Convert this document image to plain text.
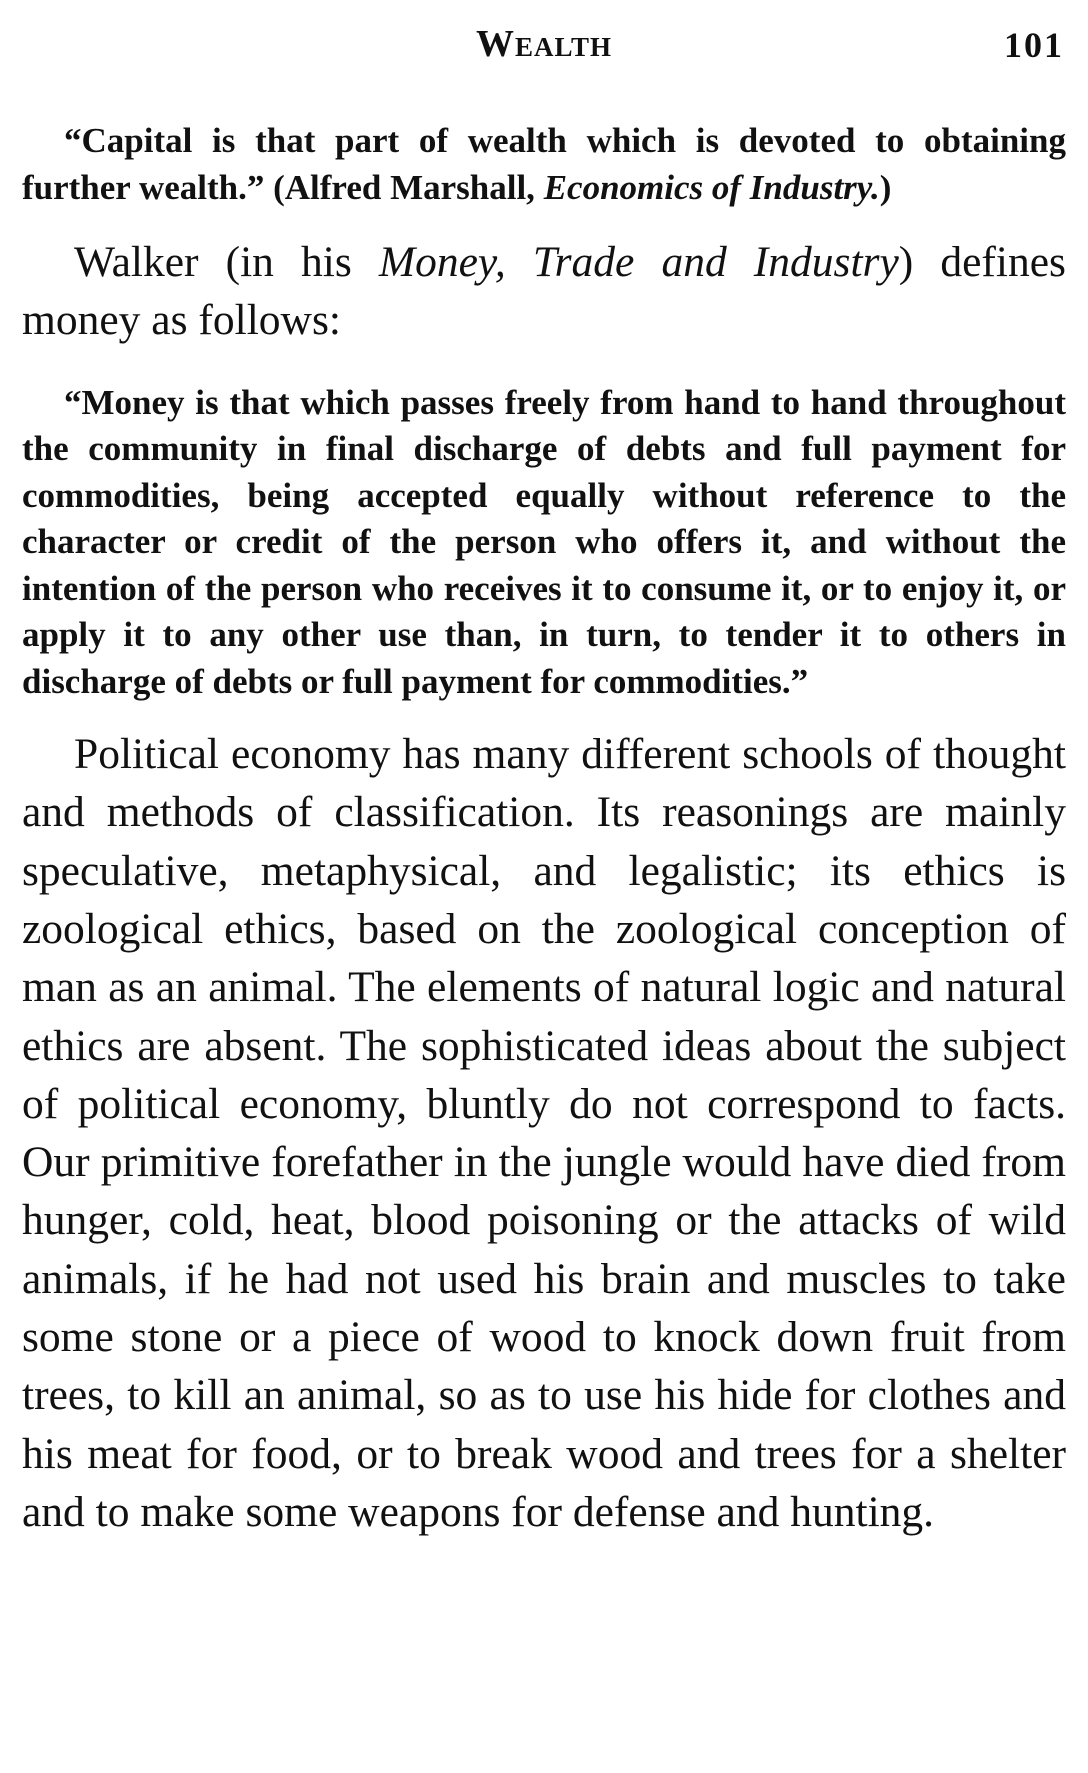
Wealth	101

“Capital is that part of wealth which is devoted to obtaining further wealth.” (Alfred Marshall, Economics of Industry.)

Walker (in his Money, Trade and Industry) defines money as follows:

“Money is that which passes freely from hand to hand throughout the community in final discharge of debts and full payment for commodities, being accepted equally without reference to the character or credit of the person who offers it, and without the intention of the person who receives it to consume it, or to enjoy it, or apply it to any other use than, in turn, to tender it to others in discharge of debts or full payment for commodities.”

Political economy has many different schools of thought and methods of classification. Its reasonings are mainly speculative, metaphysical, and legalistic; its ethics is zoological ethics, based on the zoological conception of man as an animal. The elements of natural logic and natural ethics are absent. The sophisticated ideas about the subject of political economy, bluntly do not correspond to facts. Our primitive forefather in the jungle would have died from hunger, cold, heat, blood poisoning or the attacks of wild animals, if he had not used his brain and muscles to take some stone or a piece of wood to knock down fruit from trees, to kill an animal, so as to use his hide for clothes and his meat for food, or to break wood and trees for a shelter and to make some weapons for defense and hunting.
